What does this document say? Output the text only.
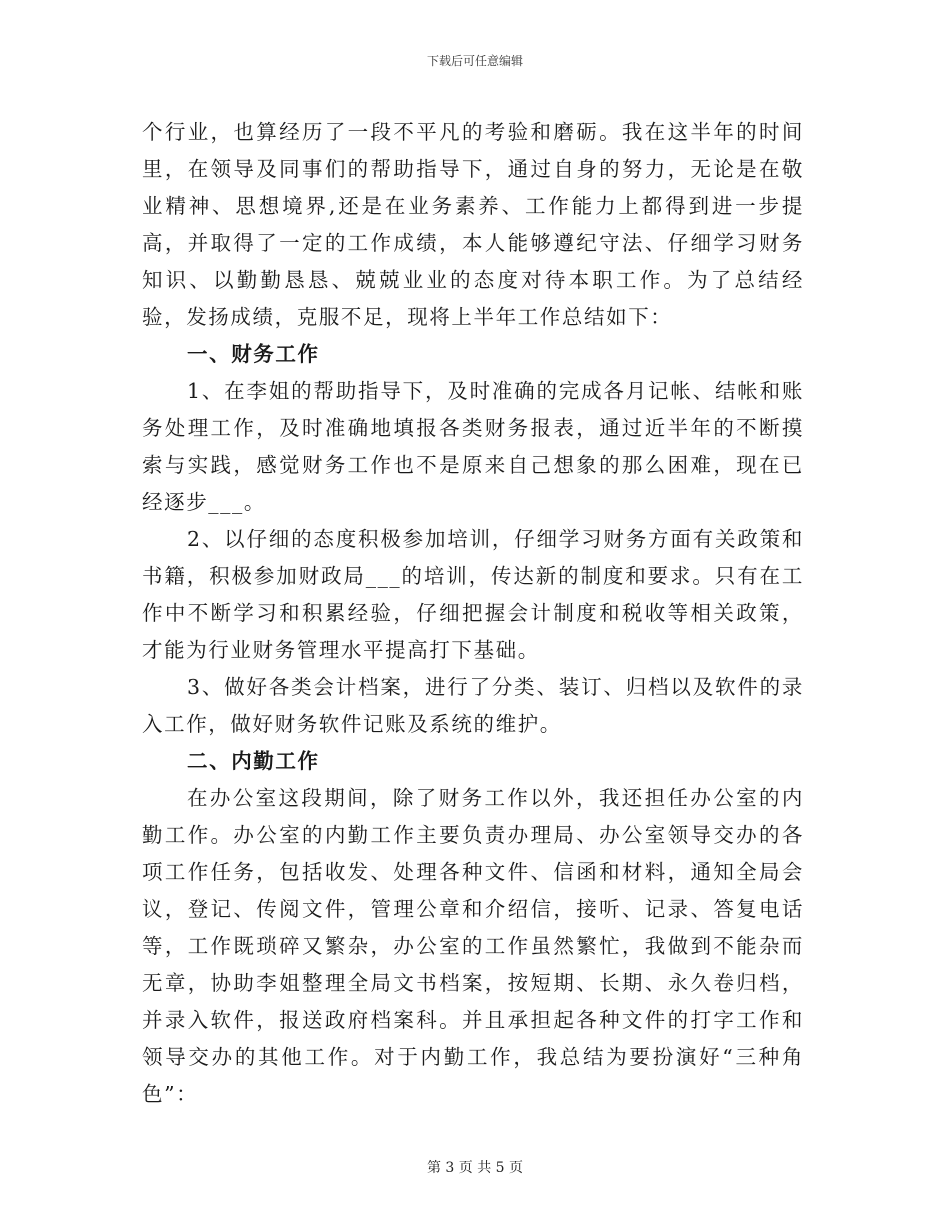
下载后可任意编辑

个行业，也算经历了一段不平凡的考验和磨砺。我在这半年的时间里，在领导及同事们的帮助指导下，通过自身的努力，无论是在敬业精神、思想境界,还是在业务素养、工作能力上都得到进一步提高，并取得了一定的工作成绩，本人能够遵纪守法、仔细学习财务知识、以勤勤恳恳、兢兢业业的态度对待本职工作。为了总结经验，发扬成绩，克服不足，现将上半年工作总结如下：

一、财务工作

1、在李姐的帮助指导下，及时准确的完成各月记帐、结帐和账务处理工作，及时准确地填报各类财务报表，通过近半年的不断摸索与实践，感觉财务工作也不是原来自己想象的那么困难，现在已经逐步___。

2、以仔细的态度积极参加培训，仔细学习财务方面有关政策和书籍，积极参加财政局___的培训，传达新的制度和要求。只有在工作中不断学习和积累经验，仔细把握会计制度和税收等相关政策，才能为行业财务管理水平提高打下基础。

3、做好各类会计档案，进行了分类、装订、归档以及软件的录入工作，做好财务软件记账及系统的维护。

二、内勤工作

在办公室这段期间，除了财务工作以外，我还担任办公室的内勤工作。办公室的内勤工作主要负责办理局、办公室领导交办的各项工作任务，包括收发、处理各种文件、信函和材料，通知全局会议，登记、传阅文件，管理公章和介绍信，接听、记录、答复电话等，工作既琐碎又繁杂，办公室的工作虽然繁忙，我做到不能杂而无章，协助李姐整理全局文书档案，按短期、长期、永久卷归档，并录入软件，报送政府档案科。并且承担起各种文件的打字工作和领导交办的其他工作。对于内勤工作，我总结为要扮演好“三种角色”：

第 3 页 共 5 页
